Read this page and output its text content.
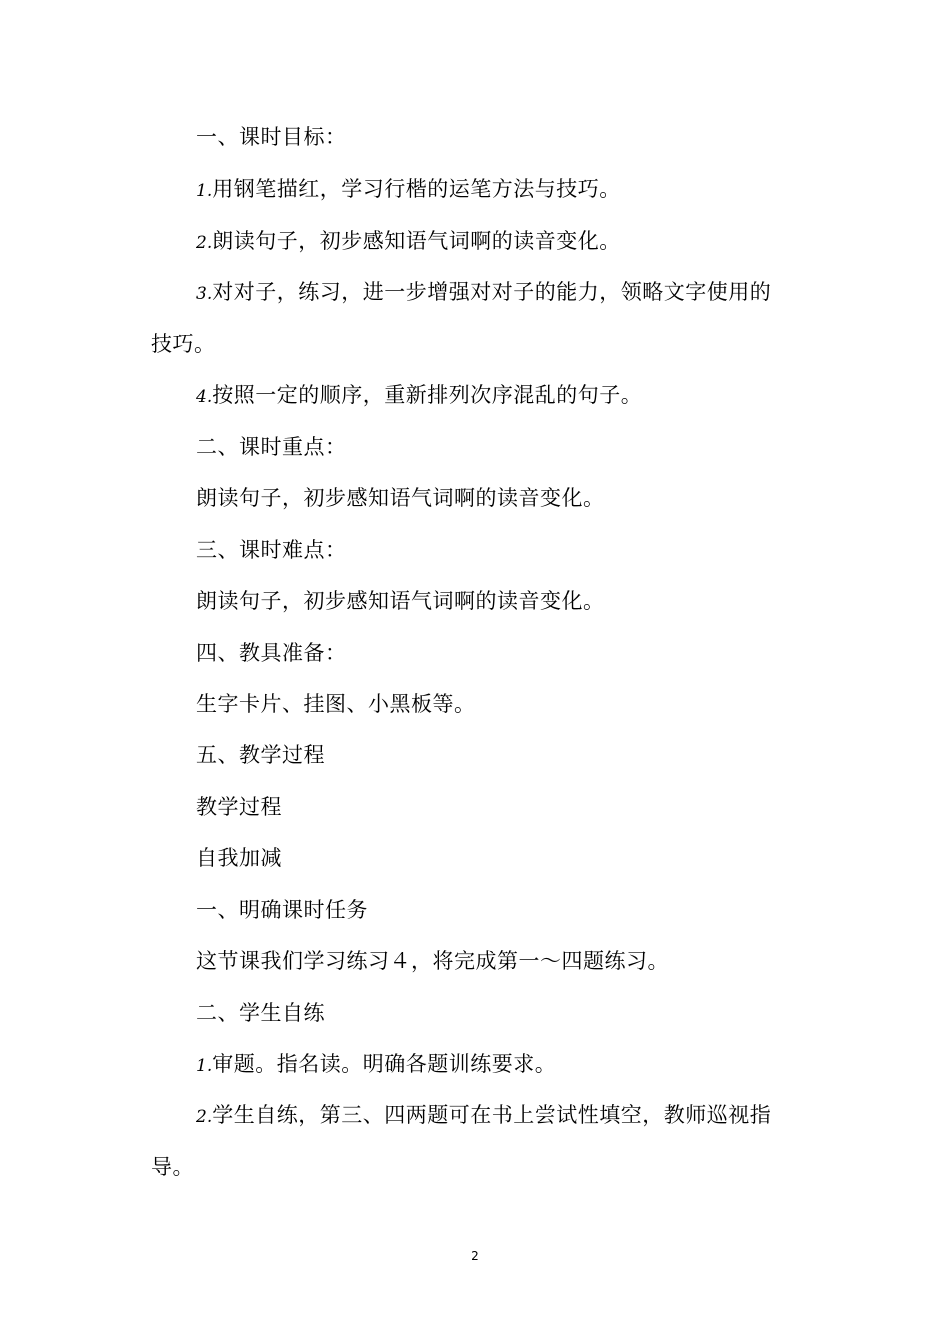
一、课时目标：
1.用钢笔描红，学习行楷的运笔方法与技巧。
2.朗读句子，初步感知语气词啊的读音变化。
3.对对子，练习，进一步增强对对子的能力，领略文字使用的
技巧。
4.按照一定的顺序，重新排列次序混乱的句子。
二、课时重点：
朗读句子，初步感知语气词啊的读音变化。
三、课时难点：
朗读句子，初步感知语气词啊的读音变化。
四、教具准备：
生字卡片、挂图、小黑板等。
五、教学过程
教学过程
自我加减
一、明确课时任务
这节课我们学习练习４，将完成第一～四题练习。
二、学生自练
1.审题。指名读。明确各题训练要求。
2.学生自练，第三、四两题可在书上尝试性填空，教师巡视指
导。
2
